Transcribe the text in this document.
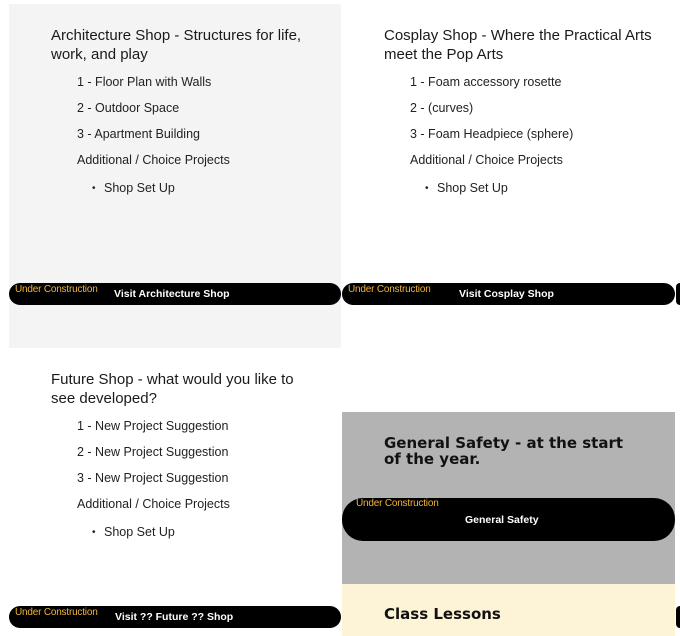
Architecture Shop - Structures for life, work, and play
1 - Floor Plan with Walls
2 - Outdoor Space
3 - Apartment Building
Additional / Choice Projects
• Shop Set Up
Under Construction Visit Architecture Shop
Cosplay Shop - Where the Practical Arts meet the Pop Arts
1 - Foam accessory rosette
2 - (curves)
3 - Foam Headpiece (sphere)
Additional / Choice Projects
• Shop Set Up
Under Construction	Visit Cosplay Shop
Future Shop - what would you like to see developed?
1 - New Project Suggestion
2 - New Project Suggestion
3 - New Project Suggestion
Additional / Choice Projects
• Shop Set Up
Under Construction Visit ?? Future ?? Shop
General Safety - at the start of the year.
Under Construction
General Safety
Class Lessons
